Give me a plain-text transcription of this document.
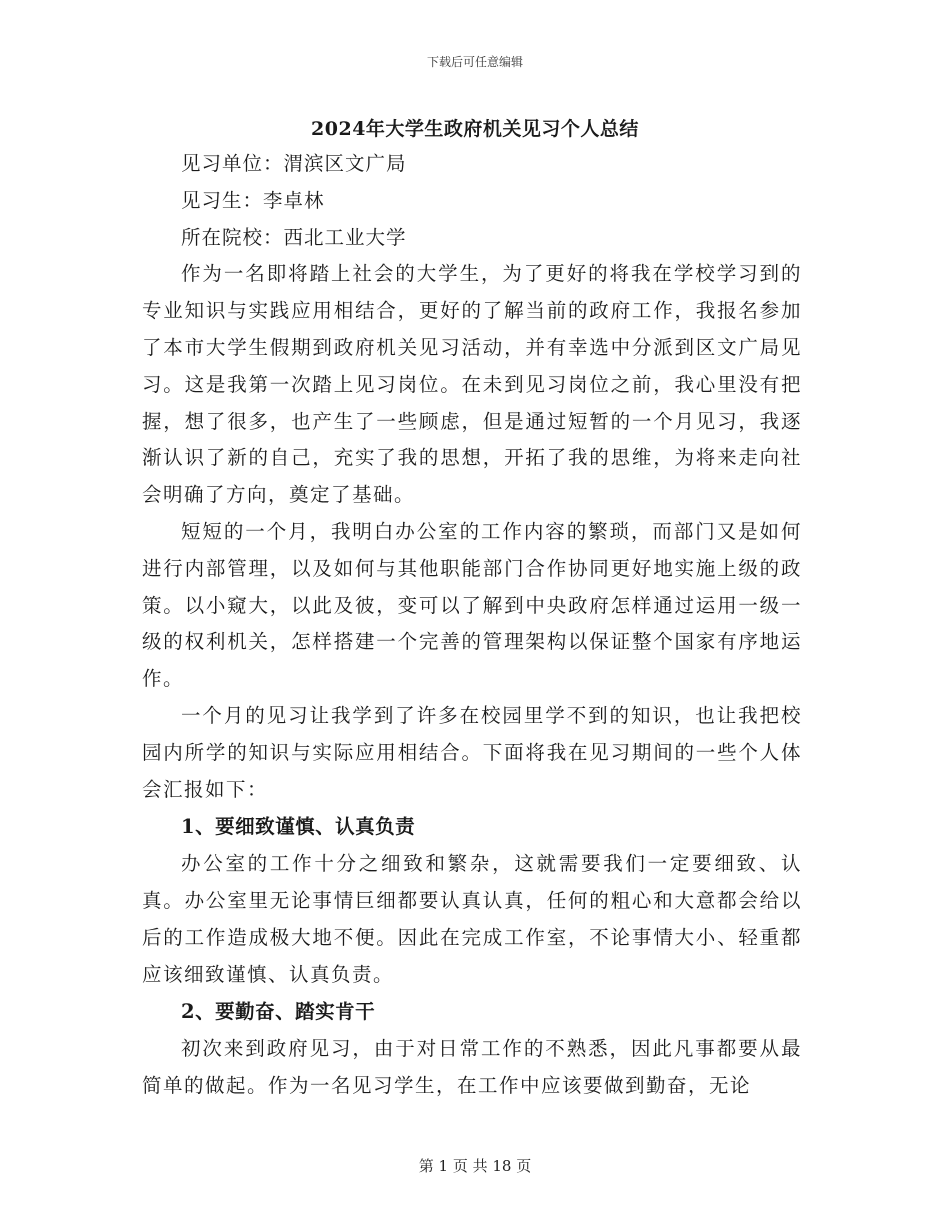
下载后可任意编辑
2024年大学生政府机关见习个人总结

见习单位：渭滨区文广局

见习生：李卓林

所在院校：西北工业大学

作为一名即将踏上社会的大学生，为了更好的将我在学校学习到的专业知识与实践应用相结合，更好的了解当前的政府工作，我报名参加了本市大学生假期到政府机关见习活动，并有幸选中分派到区文广局见习。这是我第一次踏上见习岗位。在未到见习岗位之前，我心里没有把握，想了很多，也产生了一些顾虑，但是通过短暂的一个月见习，我逐渐认识了新的自己，充实了我的思想，开拓了我的思维，为将来走向社会明确了方向，奠定了基础。

短短的一个月，我明白办公室的工作内容的繁琐，而部门又是如何进行内部管理，以及如何与其他职能部门合作协同更好地实施上级的政策。以小窥大，以此及彼，变可以了解到中央政府怎样通过运用一级一级的权利机关，怎样搭建一个完善的管理架构以保证整个国家有序地运作。

一个月的见习让我学到了许多在校园里学不到的知识，也让我把校园内所学的知识与实际应用相结合。下面将我在见习期间的一些个人体会汇报如下：

1、要细致谨慎、认真负责

办公室的工作十分之细致和繁杂，这就需要我们一定要细致、认真。办公室里无论事情巨细都要认真认真，任何的粗心和大意都会给以后的工作造成极大地不便。因此在完成工作室，不论事情大小、轻重都应该细致谨慎、认真负责。

2、要勤奋、踏实肯干

初次来到政府见习，由于对日常工作的不熟悉，因此凡事都要从最简单的做起。作为一名见习学生，在工作中应该要做到勤奋，无论

第 1 页 共 18 页
